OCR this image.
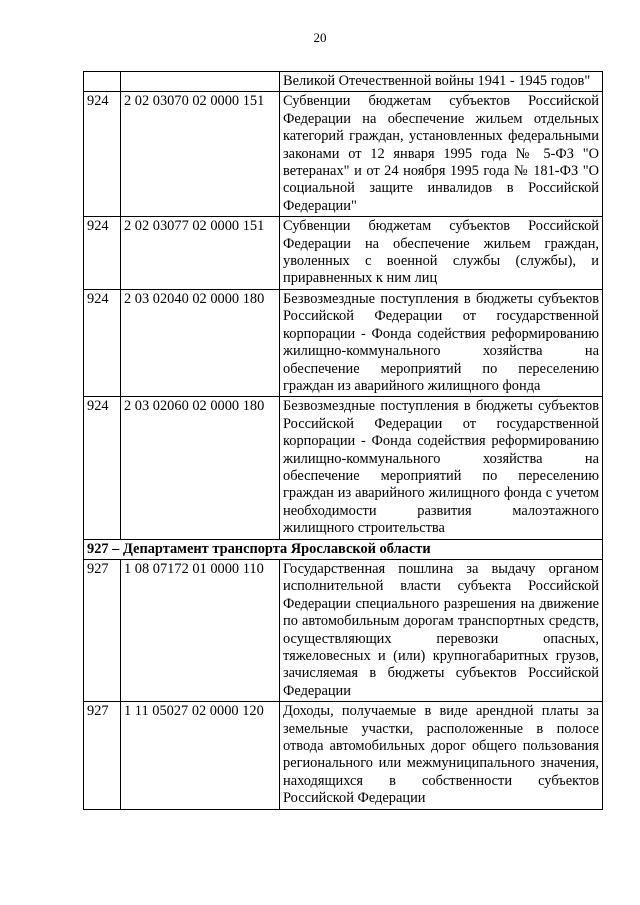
20
		Великой Отечественной войны 1941 - 1945 годов"
924	2 02 03070 02 0000 151	Субвенции бюджетам субъектов Российской Федерации на обеспечение жильем отдельных категорий граждан, установленных федеральными законами от 12 января 1995 года № 5-ФЗ "О ветеранах" и от 24 ноября 1995 года № 181-ФЗ "О социальной защите инвалидов в Российской Федерации"
924	2 02 03077 02 0000 151	Субвенции бюджетам субъектов Российской Федерации на обеспечение жильем граждан, уволенных с военной службы (службы), и приравненных к ним лиц
924	2 03 02040 02 0000 180	Безвозмездные поступления в бюджеты субъектов Российской Федерации от государственной корпорации - Фонда содействия реформированию жилищно-коммунального хозяйства на обеспечение мероприятий по переселению граждан из аварийного жилищного фонда
924	2 03 02060 02 0000 180	Безвозмездные поступления в бюджеты субъектов Российской Федерации от государственной корпорации - Фонда содействия реформированию жилищно-коммунального хозяйства на обеспечение мероприятий по переселению граждан из аварийного жилищного фонда с учетом необходимости развития малоэтажного жилищного строительства
927 – Департамент транспорта Ярославской области		
927	1 08 07172 01 0000 110	Государственная пошлина за выдачу органом исполнительной власти субъекта Российской Федерации специального разрешения на движение по автомобильным дорогам транспортных средств, осуществляющих перевозки опасных, тяжеловесных и (или) крупногабаритных грузов, зачисляемая в бюджеты субъектов Российской Федерации
927	1 11 05027 02 0000 120	Доходы, получаемые в виде арендной платы за земельные участки, расположенные в полосе отвода автомобильных дорог общего пользования регионального или межмуниципального значения, находящихся в собственности субъектов Российской Федерации
